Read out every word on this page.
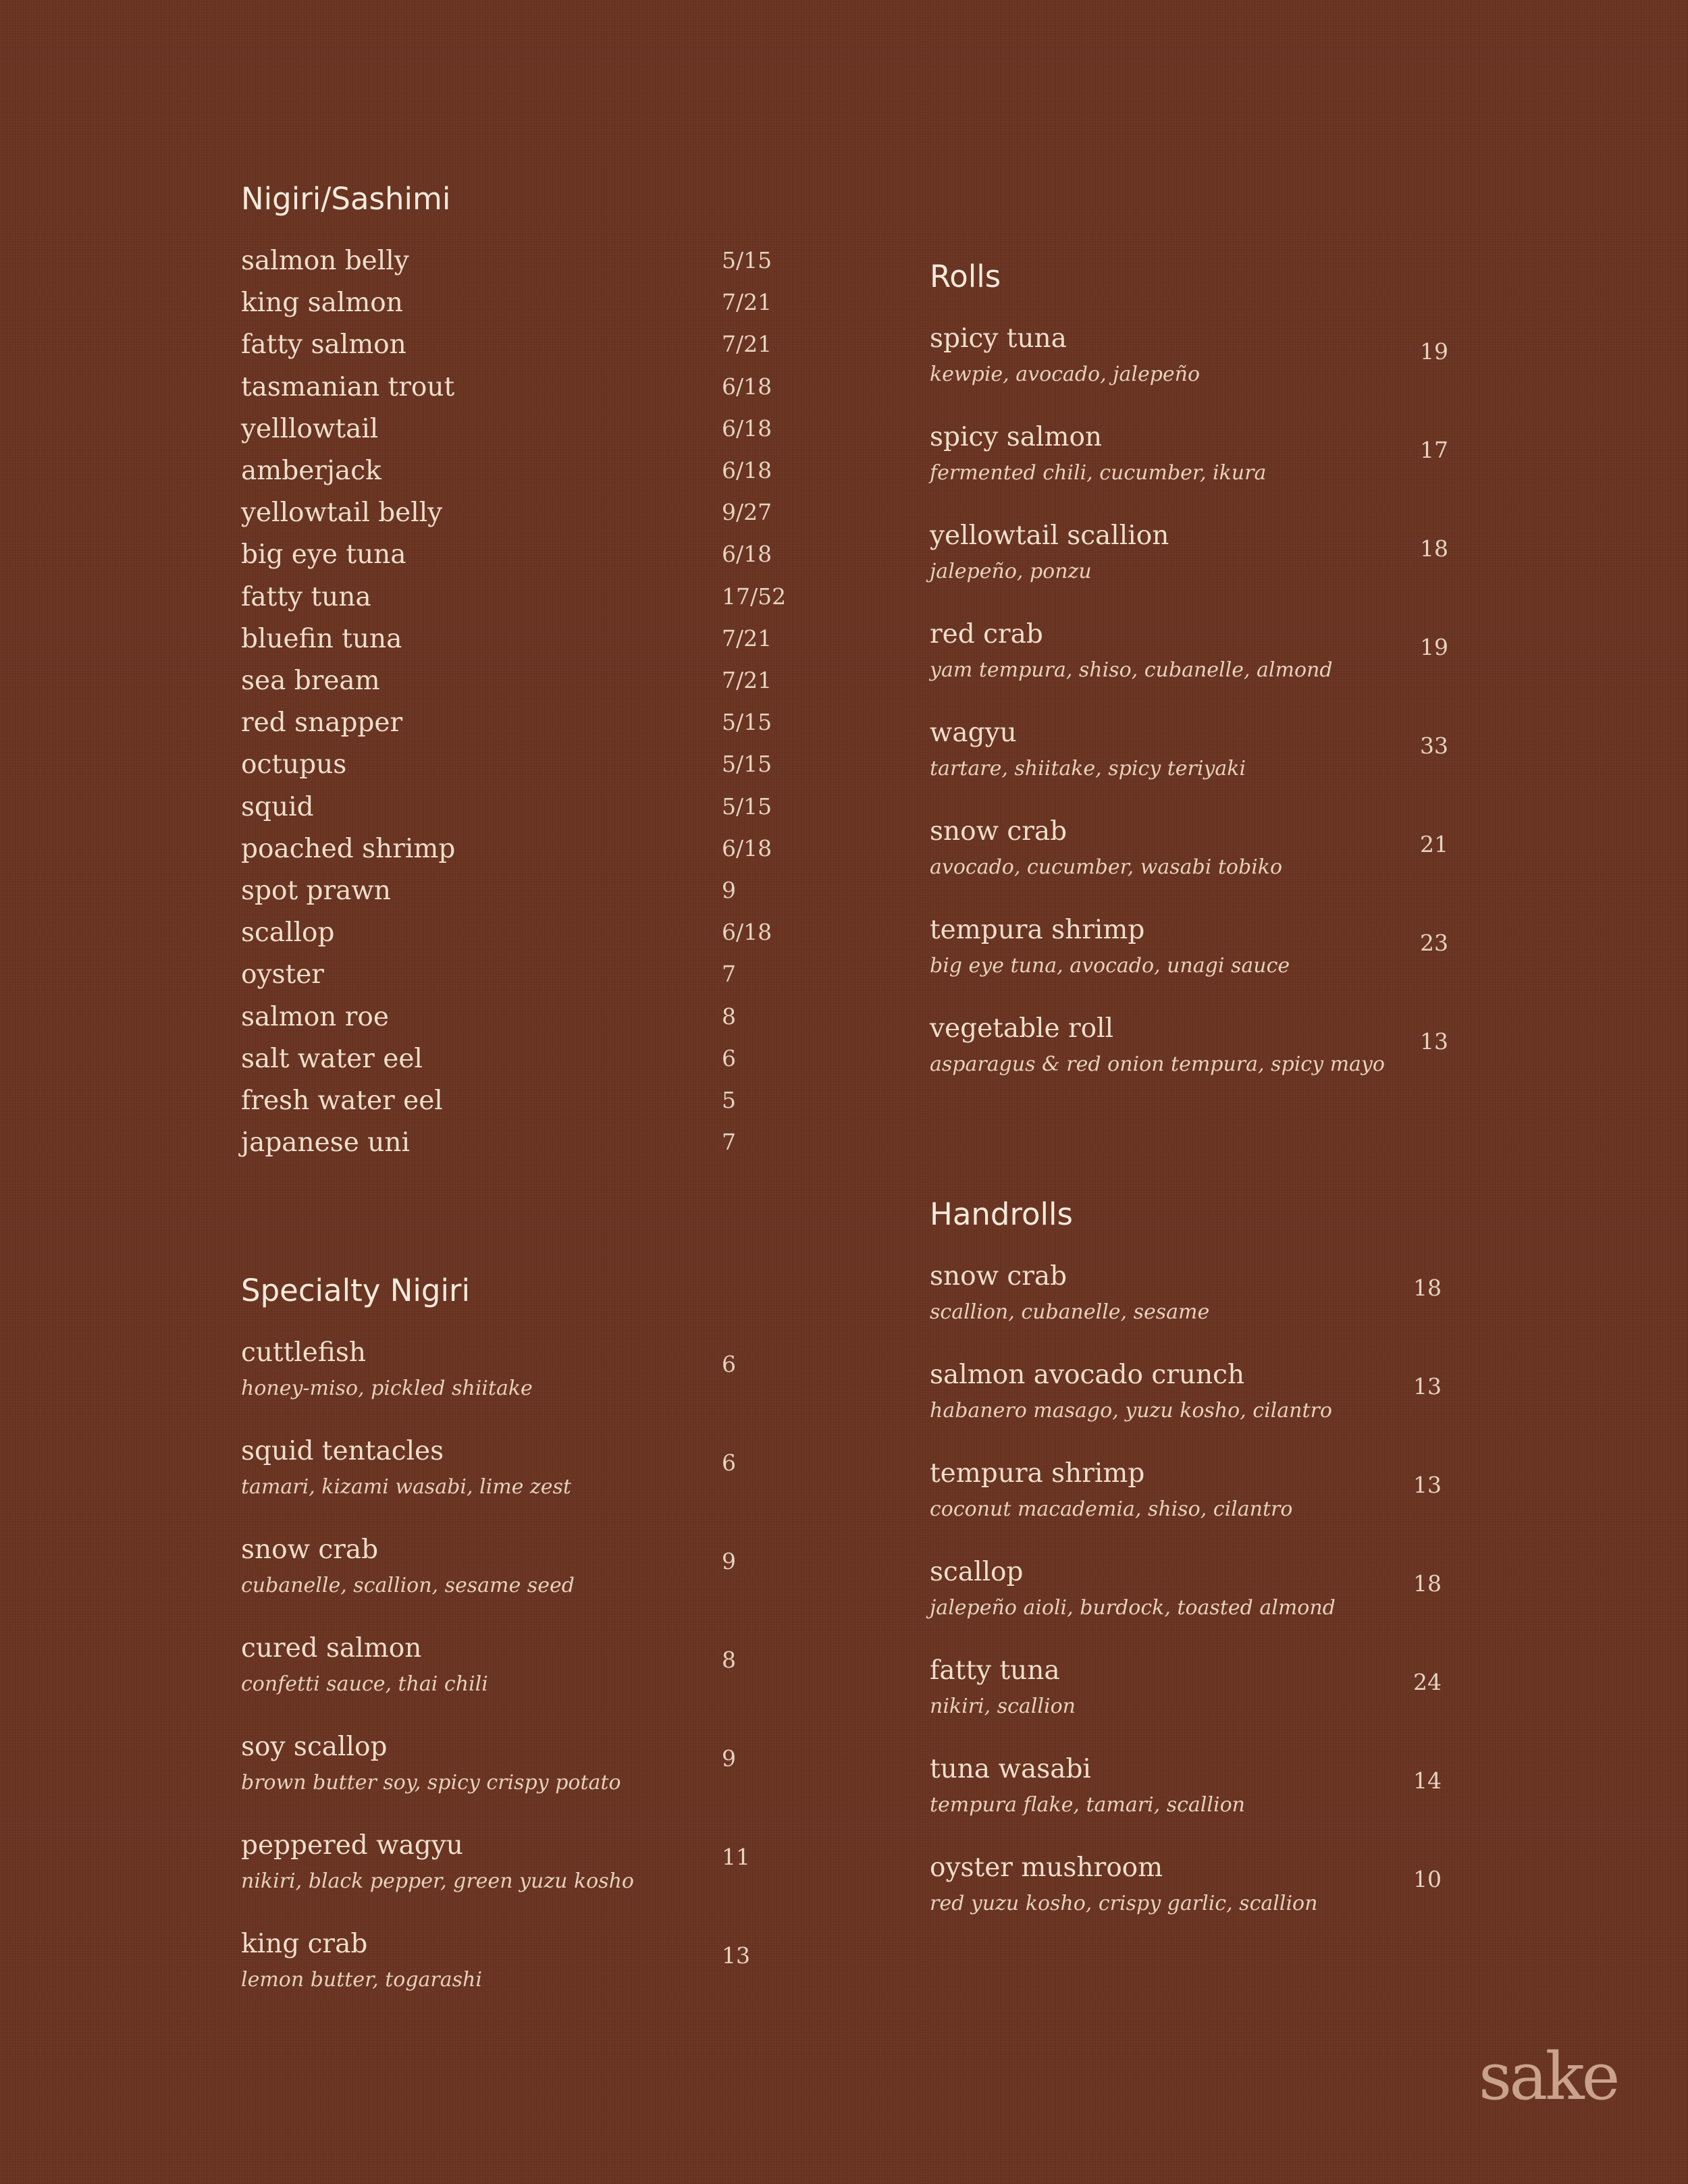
Nigiri/Sashimi
salmon belly	5/15
king salmon	7/21
fatty salmon	7/21
tasmanian trout	6/18
yelllowtail	6/18
amberjack	6/18
yellowtail belly	9/27
big eye tuna	6/18
fatty tuna	17/52
bluefin tuna	7/21
sea bream	7/21
red snapper	5/15
octupus	5/15
squid	5/15
poached shrimp	6/18
spot prawn	9
scallop	6/18
oyster	7
salmon roe	8
salt water eel	6
fresh water eel	5
japanese uni	7
Specialty Nigiri
cuttlefish
honey-miso, pickled shiitake
6
squid tentacles
tamari, kizami wasabi, lime zest
6
snow crab
cubanelle, scallion, sesame seed
9
cured salmon
confetti sauce, thai chili
8
soy scallop
brown butter soy, spicy crispy potato
9
peppered wagyu
nikiri, black pepper, green yuzu kosho
11
king crab
lemon butter, togarashi
13
Rolls
spicy tuna
kewpie, avocado, jalepeño
19
spicy salmon
fermented chili, cucumber, ikura
17
yellowtail scallion
jalepeño, ponzu
18
red crab
yam tempura, shiso, cubanelle, almond
19
wagyu
tartare, shiitake, spicy teriyaki
33
snow crab
avocado, cucumber, wasabi tobiko
21
tempura shrimp
big eye tuna, avocado, unagi sauce
23
vegetable roll
asparagus & red onion tempura, spicy mayo
13
Handrolls
snow crab
scallion, cubanelle, sesame
18
salmon avocado crunch
habanero masago, yuzu kosho, cilantro
13
tempura shrimp
coconut macademia, shiso, cilantro
13
scallop
jalepeño aioli, burdock, toasted almond
18
fatty tuna
nikiri, scallion
24
tuna wasabi
tempura flake, tamari, scallion
14
oyster mushroom
red yuzu kosho, crispy garlic, scallion
10
sake
